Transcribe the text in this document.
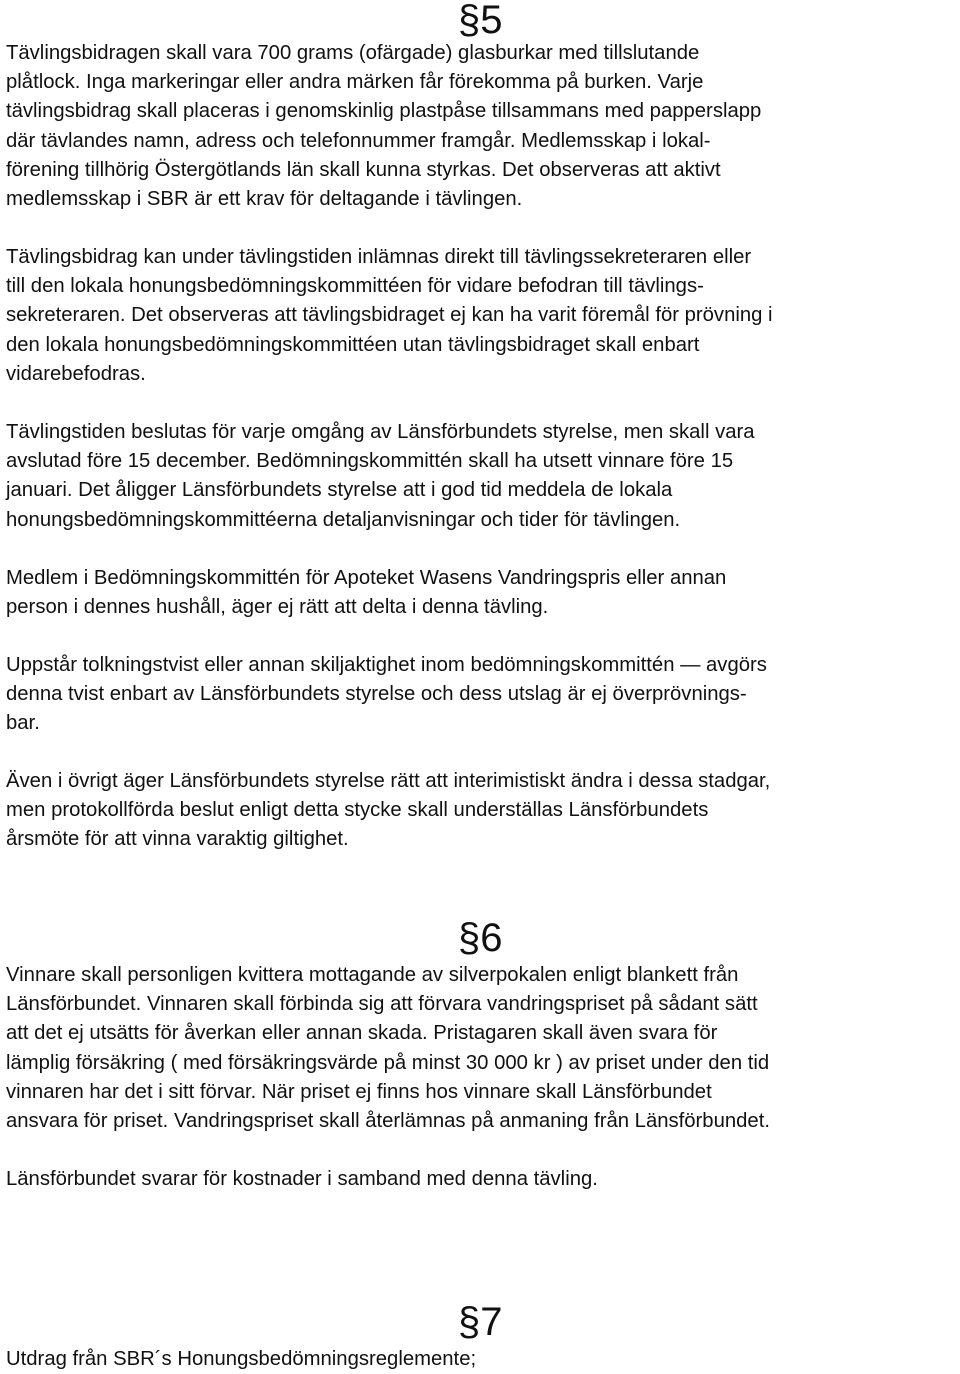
§5

Tävlingsbidragen skall vara 700 grams (ofärgade) glasburkar med tillslutande
plåtlock. Inga markeringar eller andra märken får förekomma på burken. Varje
tävlingsbidrag skall placeras i genomskinlig plastpåse tillsammans med papperslapp
där tävlandes namn, adress och telefonnummer framgår. Medlemsskap i lokal-
förening tillhörig Östergötlands län skall kunna styrkas. Det observeras att aktivt
medlemsskap i SBR är ett krav för deltagande i tävlingen.

Tävlingsbidrag kan under tävlingstiden inlämnas direkt till tävlingssekreteraren eller
till den lokala honungsbedömningskommittéen för vidare befodran till tävlings-
sekreteraren. Det observeras att tävlingsbidraget ej kan ha varit föremål för prövning i
den lokala honungsbedömningskommittéen utan tävlingsbidraget skall enbart
vidarebefodras.

Tävlingstiden beslutas för varje omgång av Länsförbundets styrelse, men skall vara
avslutad före 15 december. Bedömningskommittén skall ha utsett vinnare före 15
januari. Det åligger Länsförbundets styrelse att i god tid meddela de lokala
honungsbedömningskommittéerna detaljanvisningar och tider för tävlingen.

Medlem i Bedömningskommittén för Apoteket Wasens Vandringspris eller annan
person i dennes hushåll, äger ej rätt att delta i denna tävling.

Uppstår tolkningstvist eller annan skiljaktighet inom bedömningskommittén — avgörs
denna tvist enbart av Länsförbundets styrelse och dess utslag är ej överprövnings-
bar.

Även i övrigt äger Länsförbundets styrelse rätt att interimistiskt ändra i dessa stadgar,
men protokollförda beslut enligt detta stycke skall underställas Länsförbundets
årsmöte för att vinna varaktig giltighet.

§6

Vinnare skall personligen kvittera mottagande av silverpokalen enligt blankett från
Länsförbundet. Vinnaren skall förbinda sig att förvara vandringspriset på sådant sätt
att det ej utsätts för åverkan eller annan skada. Pristagaren skall även svara för
lämplig försäkring ( med försäkringsvärde på minst 30 000 kr ) av priset under den tid
vinnaren har det i sitt förvar. När priset ej finns hos vinnare skall Länsförbundet
ansvara för priset. Vandringspriset skall återlämnas på anmaning från Länsförbundet.

Länsförbundet svarar för kostnader i samband med denna tävling.

§7

Utdrag från SBR´s Honungsbedömningsreglemente;
